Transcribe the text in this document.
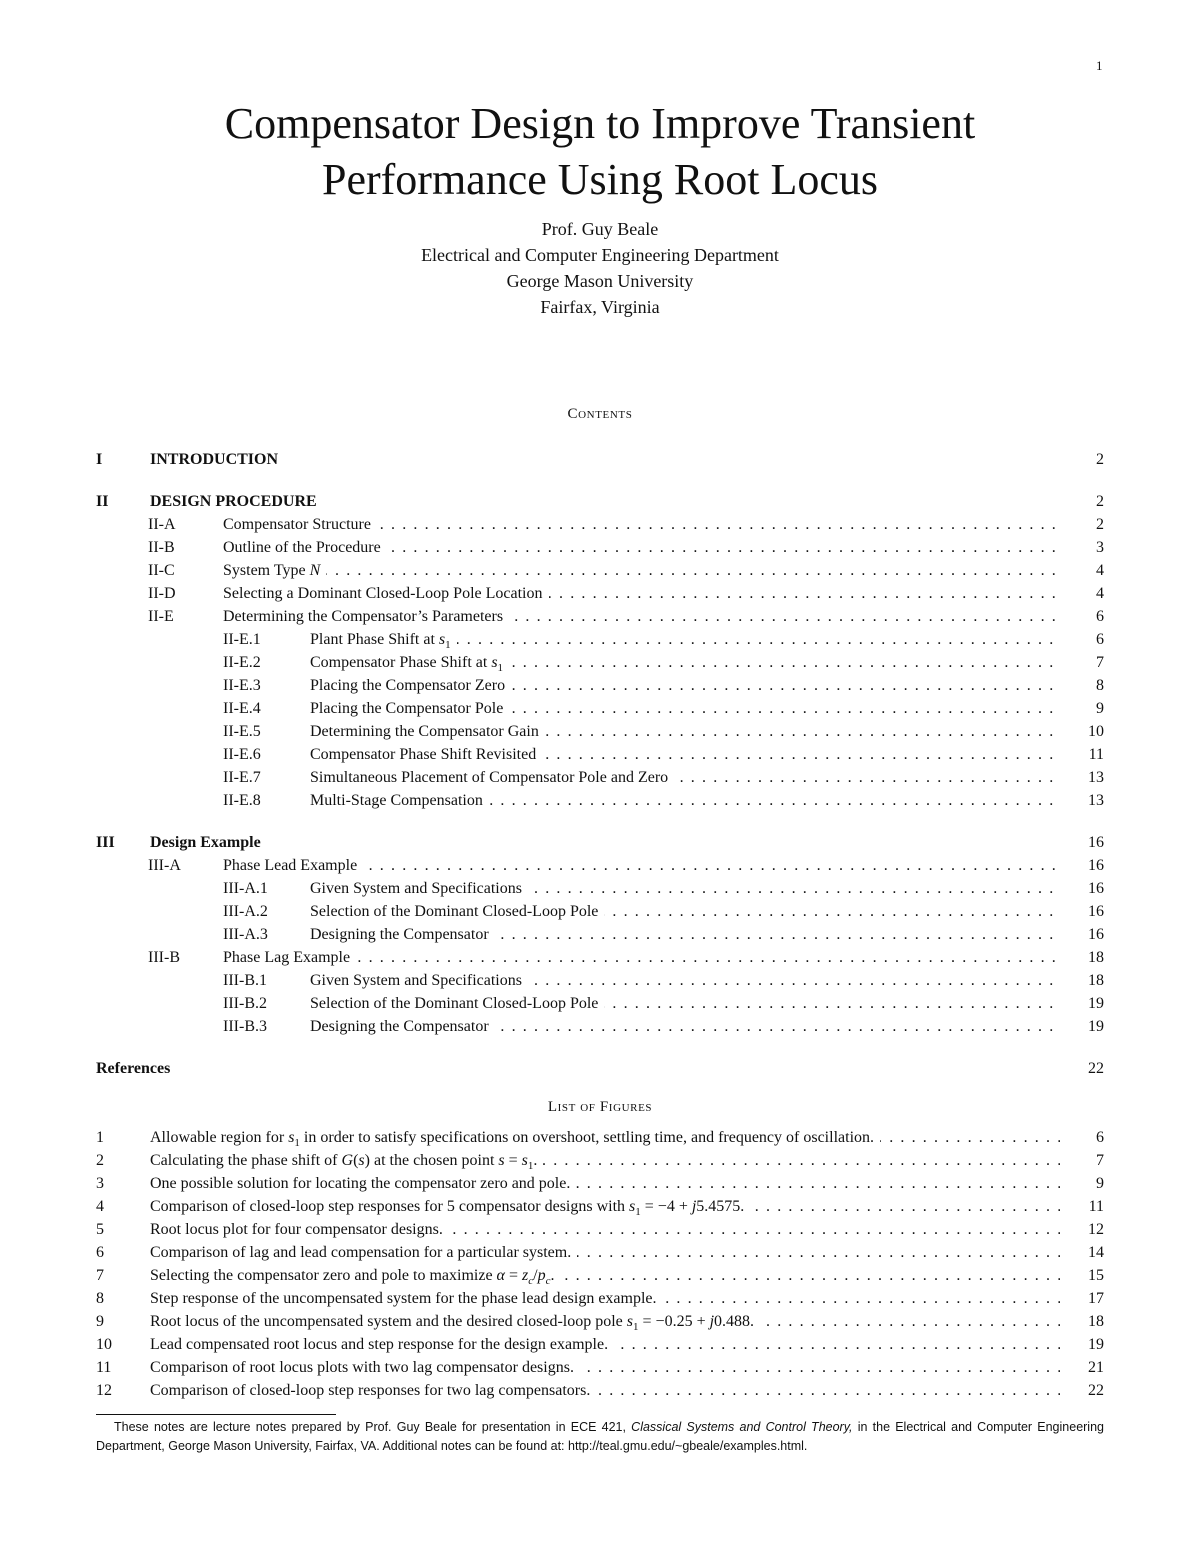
1
Compensator Design to Improve Transient
Performance Using Root Locus
Prof. Guy Beale
Electrical and Computer Engineering Department
George Mason University
Fairfax, Virginia
Contents
I	INTRODUCTION	2
II	DESIGN PROCEDURE	2
II-A	Compensator Structure . . .	2
II-B	Outline of the Procedure . . .	3
II-C	System Type N . . .	4
II-D	Selecting a Dominant Closed-Loop Pole Location . . .	4
II-E	Determining the Compensator’s Parameters . . .	6
II-E.1	Plant Phase Shift at $s_1$ . . .	6
II-E.2	Compensator Phase Shift at $s_1$ . . .	7
II-E.3	Placing the Compensator Zero . . .	8
II-E.4	Placing the Compensator Pole . . .	9
II-E.5	Determining the Compensator Gain . . .	10
II-E.6	Compensator Phase Shift Revisited . . .	11
II-E.7	Simultaneous Placement of Compensator Pole and Zero . . .	13
II-E.8	Multi-Stage Compensation . . .	13
III Design Example	16
III-A	Phase Lead Example . . .	16
III-A.1	Given System and Specifications . . .	16
III-A.2	Selection of the Dominant Closed-Loop Pole . . .	16
III-A.3	Designing the Compensator . . .	16
III-B	Phase Lag Example . . .	18
III-B.1	Given System and Specifications . . .	18
III-B.2	Selection of the Dominant Closed-Loop Pole . . .	19
III-B.3	Designing the Compensator . . .	19
References	22
List of Figures
1	Allowable region for $s_1$ in order to satisfy specifications on overshoot, settling time, and frequency of oscillation. . . .	6
2	Calculating the phase shift of G(s) at the chosen point $s = s_1$. . . .	7
3	One possible solution for locating the compensator zero and pole. . . .	9
4	Comparison of closed-loop step responses for 5 compensator designs with $s_1 = -4 + j5.4575$. . . .	11
5	Root locus plot for four compensator designs. . . .	12
6	Comparison of lag and lead compensation for a particular system. . . .	14
7	Selecting the compensator zero and pole to maximize $\alpha = z_c/p_c$. . . .	15
8	Step response of the uncompensated system for the phase lead design example. . . .	17
9	Root locus of the uncompensated system and the desired closed-loop pole $s_1 = -0.25 + j0.488$. . . .	18
10 Lead compensated root locus and step response for the design example. . . .	19
11 Comparison of root locus plots with two lag compensator designs. . . .	21
12 Comparison of closed-loop step responses for two lag compensators. . . .	22
These notes are lecture notes prepared by Prof. Guy Beale for presentation in ECE 421, Classical Systems and Control Theory, in the Electrical and Computer Engineering Department, George Mason University, Fairfax, VA. Additional notes can be found at: http://teal.gmu.edu/~gbeale/examples.html.
